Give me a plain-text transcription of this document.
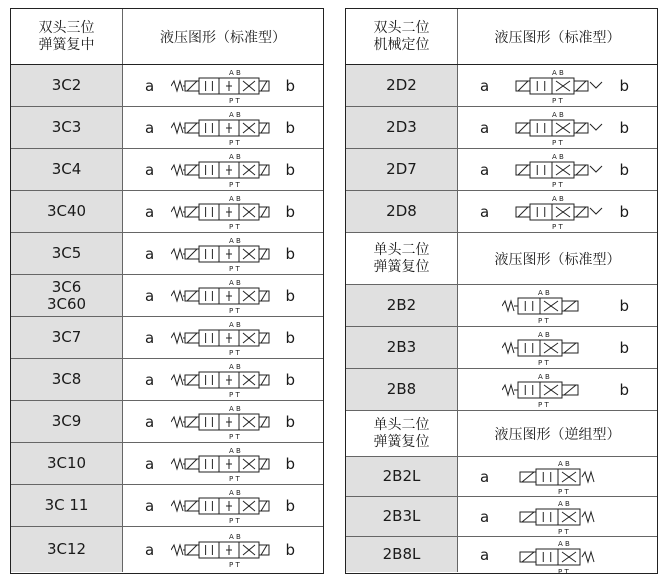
双头三位
弹簧复中	液压图形（标准型）
3C2	a
A B
P T
b
3C3	a
A B
P T
b
3C4	a
A B
P T
b
3C40	a
A B
P T
b
3C5	a
A B
P T
b
3C6
3C60	a
A B
P T
b
3C7	a
A B
P T
b
3C8	a
A B
P T
b
3C9	a
A B
P T
b
3C10	a
A B
P T
b
3C 11	a
A B
P T
b
3C12	a
A B
P T
b
双头二位
机械定位	液压图形（标准型）
2D2	a
A B
P T
b
2D3	a
A B
P T
b
2D7	a
A B
P T
b
2D8	a
A B
P T
b
单头二位
弹簧复位	液压图形（标准型）
2B2
A B
P T
b
2B3
A B
P T
b
2B8
A B
P T
b
单头二位
弹簧复位	液压图形（逆组型）
2B2L	a
A B
P T
2B3L	a
A B
P T
2B8L	a
A B
P T
